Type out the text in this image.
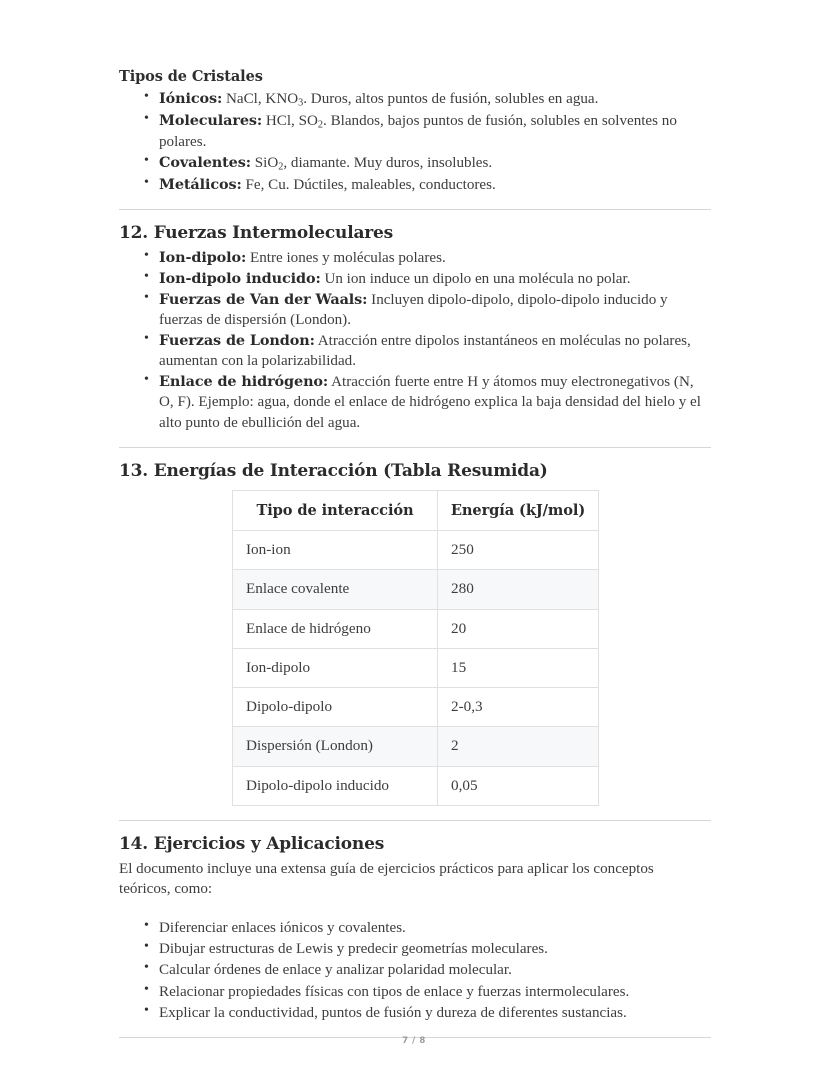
Tipos de Cristales
• Iónicos: NaCl, $KNO_3$. Duros, altos puntos de fusión, solubles en agua.
• Moleculares: HCl, $SO_2$. Blandos, bajos puntos de fusión, solubles en solventes no polares.
• Covalentes: SiO$_2$, diamante. Muy duros, insolubles.
• Metálicos: Fe, Cu. Dúctiles, maleables, conductores.
12. Fuerzas Intermoleculares
• Ion-dipolo: Entre iones y moléculas polares.
• Ion-dipolo inducido: Un ion induce un dipolo en una molécula no polar.
• Fuerzas de Van der Waals: Incluyen dipolo-dipolo, dipolo-dipolo inducido y fuerzas de dispersión (London).
• Fuerzas de London: Atracción entre dipolos instantáneos en moléculas no polares, aumentan con la polarizabilidad.
• Enlace de hidrógeno: Atracción fuerte entre H y átomos muy electronegativos (N, O, F). Ejemplo: agua, donde el enlace de hidrógeno explica la baja densidad del hielo y el alto punto de ebullición del agua.
13. Energías de Interacción (Tabla Resumida)
Tipo de interacción	Energía (kJ/mol)
Ion-ion	250
Enlace covalente	280
Enlace de hidrógeno	20
Ion-dipolo	15
Dipolo-dipolo	2-0,3
Dispersión (London)	2
Dipolo-dipolo inducido	0,05
14. Ejercicios y Aplicaciones

El documento incluye una extensa guía de ejercicios prácticos para aplicar los conceptos teóricos, como:

• Diferenciar enlaces iónicos y covalentes.
• Dibujar estructuras de Lewis y predecir geometrías moleculares.
• Calcular órdenes de enlace y analizar polaridad molecular.
• Relacionar propiedades físicas con tipos de enlace y fuerzas intermoleculares.
• Explicar la conductividad, puntos de fusión y dureza de diferentes sustancias.
7 / 8
